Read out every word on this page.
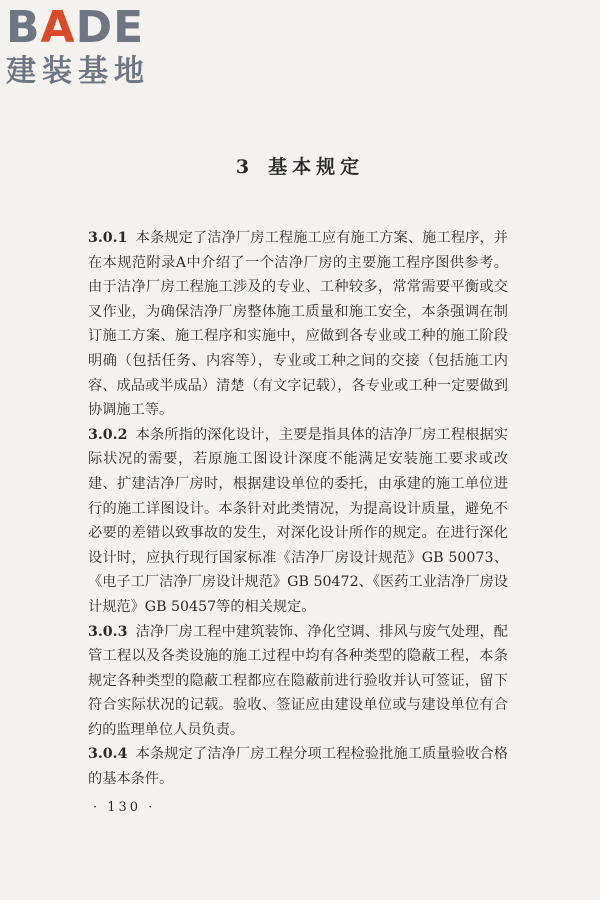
BADE
建装基地
3 基本规定

3.0.1 本条规定了洁净厂房工程施工应有施工方案、施工程序，并在本规范附录A中介绍了一个洁净厂房的主要施工程序图供参考。由于洁净厂房工程施工涉及的专业、工种较多，常常需要平衡或交叉作业，为确保洁净厂房整体施工质量和施工安全，本条强调在制订施工方案、施工程序和实施中，应做到各专业或工种的施工阶段明确（包括任务、内容等），专业或工种之间的交接（包括施工内容、成品或半成品）清楚（有文字记载），各专业或工种一定要做到协调施工等。

3.0.2 本条所指的深化设计，主要是指具体的洁净厂房工程根据实际状况的需要，若原施工图设计深度不能满足安装施工要求或改建、扩建洁净厂房时，根据建设单位的委托，由承建的施工单位进行的施工详图设计。本条针对此类情况，为提高设计质量，避免不必要的差错以致事故的发生，对深化设计所作的规定。在进行深化设计时，应执行现行国家标准《洁净厂房设计规范》GB 50073、《电子工厂洁净厂房设计规范》GB 50472、《医药工业洁净厂房设计规范》GB 50457等的相关规定。

3.0.3 洁净厂房工程中建筑装饰、净化空调、排风与废气处理，配管工程以及各类设施的施工过程中均有各种类型的隐蔽工程，本条规定各种类型的隐蔽工程都应在隐蔽前进行验收并认可签证，留下符合实际状况的记载。验收、签证应由建设单位或与建设单位有合约的监理单位人员负责。

3.0.4 本条规定了洁净厂房工程分项工程检验批施工质量验收合格的基本条件。

· 130 ·
